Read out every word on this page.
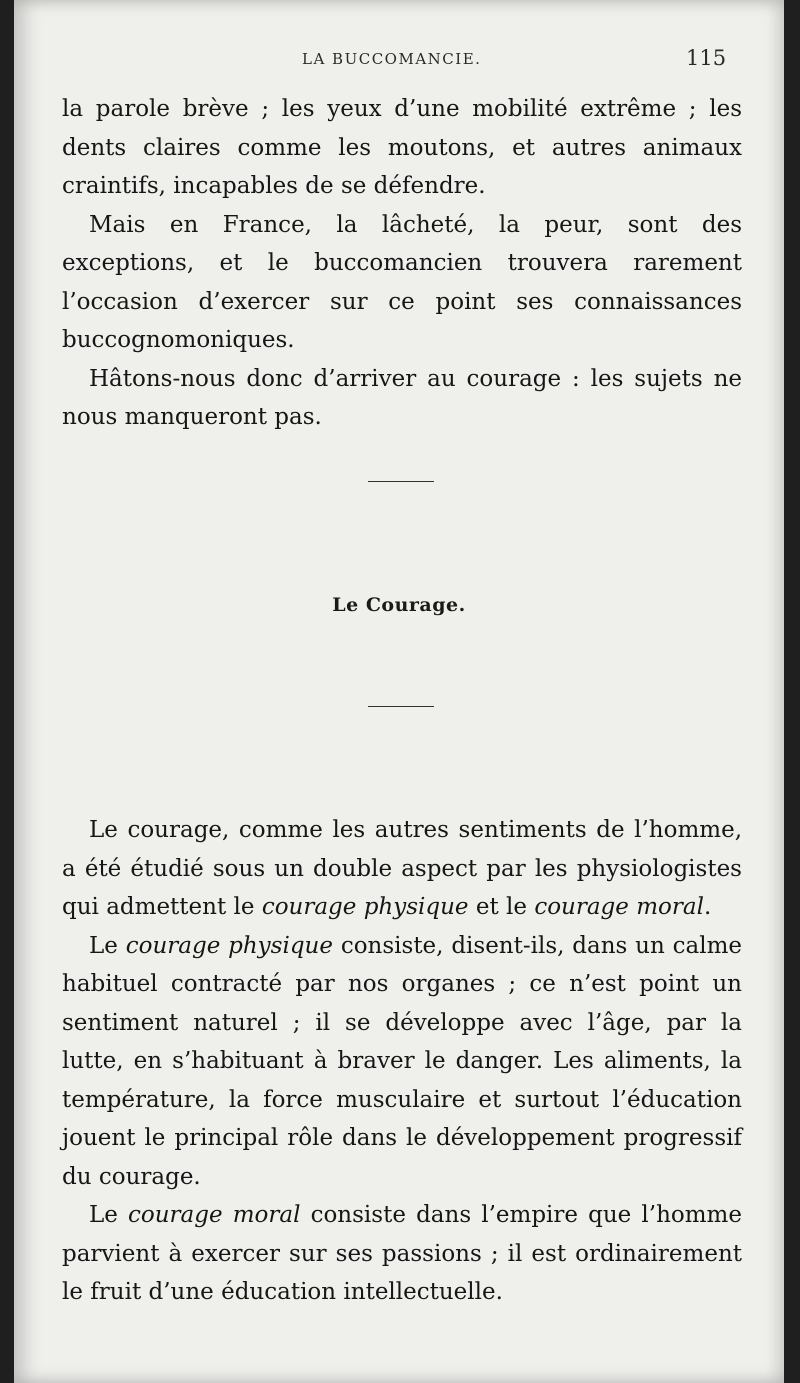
LA BUCCOMANCIE.	115

la parole brève ; les yeux d’une mobilité extrême ; les dents claires comme les moutons, et autres animaux craintifs, incapables de se défendre.

Mais en France, la lâcheté, la peur, sont des exceptions, et le buccomancien trouvera rarement l’occasion d’exercer sur ce point ses connaissances buccognomoniques.

Hâtons-nous donc d’arriver au courage : les sujets ne nous manqueront pas.

Le Courage.

Le courage, comme les autres sentiments de l’homme, a été étudié sous un double aspect par les physiologistes qui admettent le courage physique et le courage moral.

Le courage physique consiste, disent-ils, dans un calme habituel contracté par nos organes ; ce n’est point un sentiment naturel ; il se développe avec l’âge, par la lutte, en s’habituant à braver le danger. Les aliments, la température, la force musculaire et surtout l’éducation jouent le principal rôle dans le développement progressif du courage.

Le courage moral consiste dans l’empire que l’homme parvient à exercer sur ses passions ; il est ordinairement le fruit d’une éducation intellectuelle.
